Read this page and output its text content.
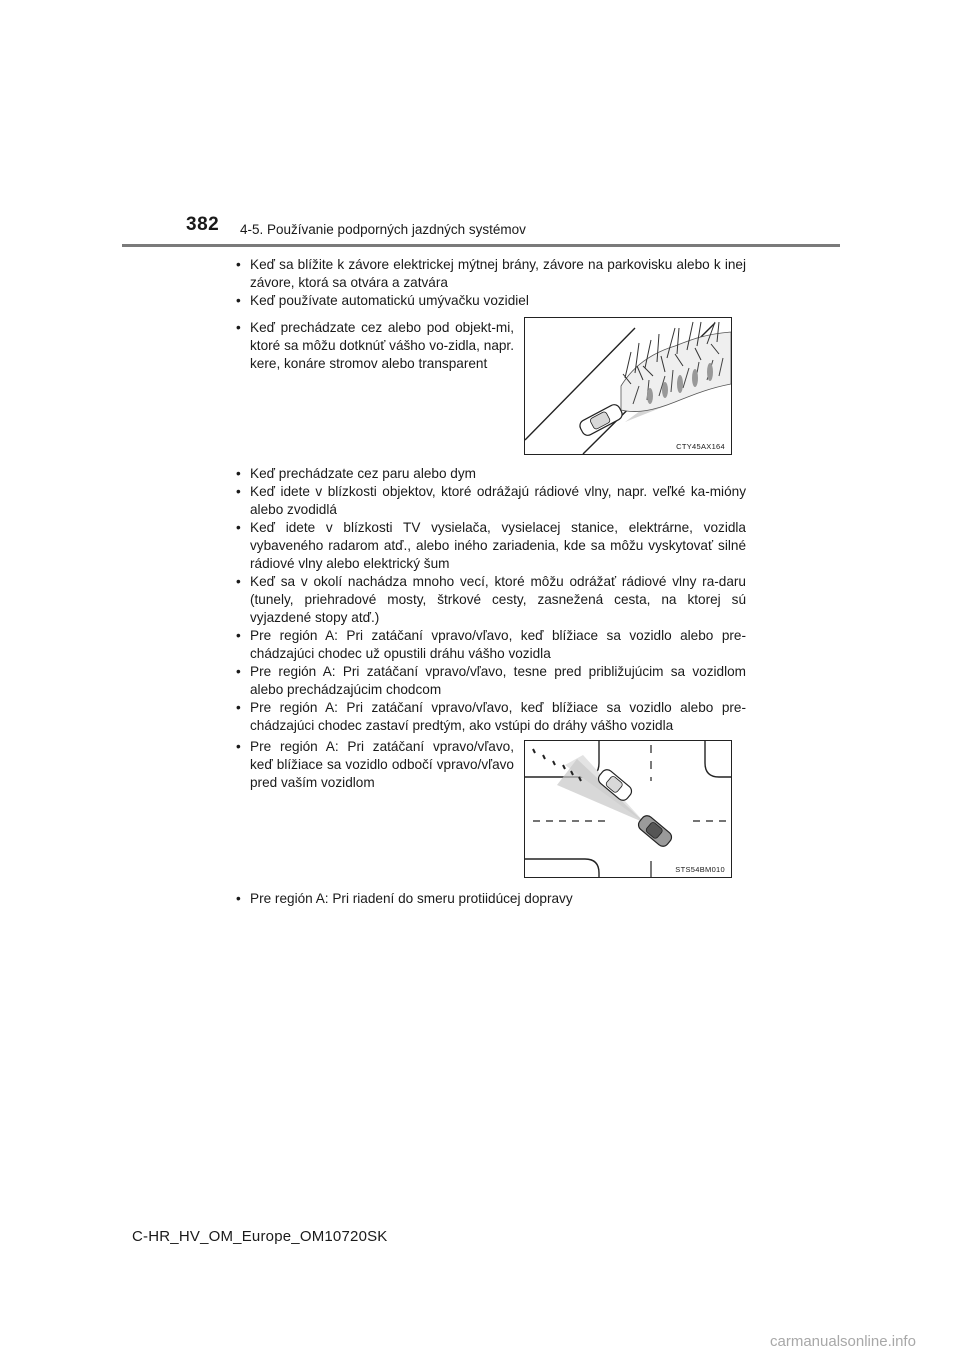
382 4-5. Používanie podporných jazdných systémov
• Keď sa blížite k závore elektrickej mýtnej brány, závore na parkovisku alebo k inej závore, ktorá sa otvára a zatvára
• Keď používate automatickú umývačku vozidiel
• Keď prechádzate cez alebo pod objekt-mi, ktoré sa môžu dotknúť vášho vo-zidla, napr. kere, konáre stromov alebo transparent
CTY45AX164
• Keď prechádzate cez paru alebo dym
• Keď idete v blízkosti objektov, ktoré odrážajú rádiové vlny, napr. veľké ka-mióny alebo zvodidlá
• Keď idete v blízkosti TV vysielača, vysielacej stanice, elektrárne, vozidla vybaveného radarom atď., alebo iného zariadenia, kde sa môžu vyskytovať silné rádiové vlny alebo elektrický šum
• Keď sa v okolí nachádza mnoho vecí, ktoré môžu odrážať rádiové vlny ra-daru (tunely, priehradové mosty, štrkové cesty, zasnežená cesta, na ktorej sú vyjazdené stopy atď.)
• Pre región A: Pri zatáčaní vpravo/vľavo, keď blížiace sa vozidlo alebo pre-chádzajúci chodec už opustili dráhu vášho vozidla
• Pre región A: Pri zatáčaní vpravo/vľavo, tesne pred približujúcim sa vozidlom alebo prechádzajúcim chodcom
• Pre región A: Pri zatáčaní vpravo/vľavo, keď blížiace sa vozidlo alebo pre-chádzajúci chodec zastaví predtým, ako vstúpi do dráhy vášho vozidla
• Pre región A: Pri zatáčaní vpravo/vľavo, keď blížiace sa vozidlo odbočí vpravo/vľavo pred vaším vozidlom
STS54BM010
• Pre región A: Pri riadení do smeru protiidúcej dopravy
C-HR_HV_OM_Europe_OM10720SK
carmanualsonline.info
